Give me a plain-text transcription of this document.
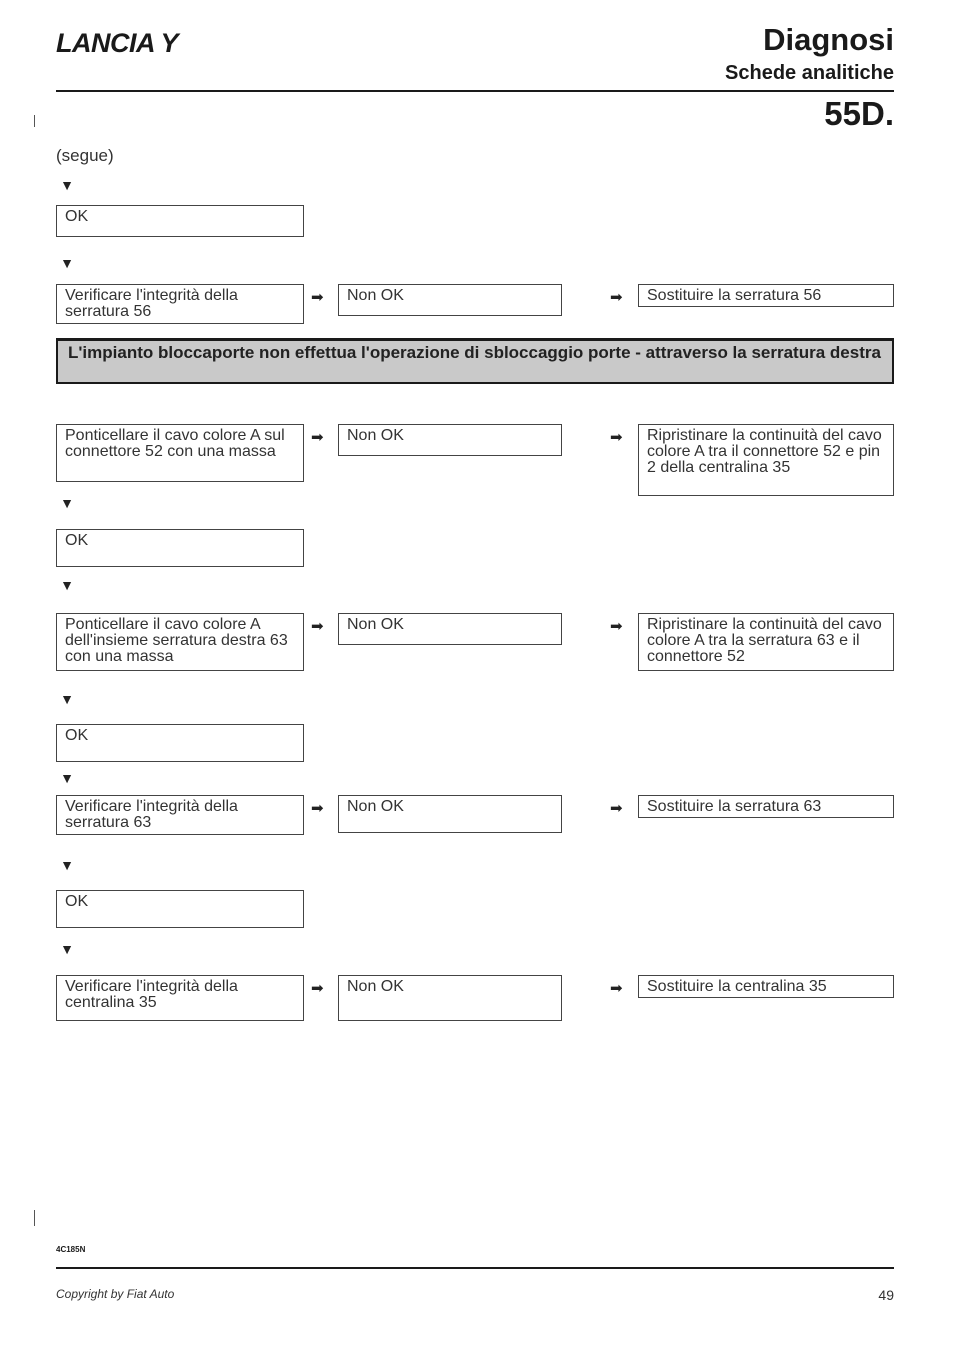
LANCIA Y	Diagnosi
Schede analitiche
55D.
(segue)
▼
OK
▼
Verificare l'integrità della serratura 56
➡	Non OK	➡	Sostituire la serratura 56
L'impianto bloccaporte non effettua l'operazione di sbloccaggio porte - attraverso la serratura destra
Ponticellare il cavo colore A sul connettore 52 con una massa
➡	Non OK	➡	Ripristinare la continuità del cavo colore A tra il connettore 52 e pin 2 della centralina 35
▼
OK
▼
Ponticellare il cavo colore A dell'insieme serratura destra 63 con una massa
➡	Non OK	➡	Ripristinare la continuità del cavo colore A tra la serratura 63 e il connettore 52
▼
OK
▼
Verificare l'integrità della serratura 63
➡	Non OK	➡	Sostituire la serratura 63
▼
OK
▼
Verificare l'integrità della centralina 35
➡	Non OK	➡	Sostituire la centralina 35
4C185N
Copyright by Fiat Auto	49
